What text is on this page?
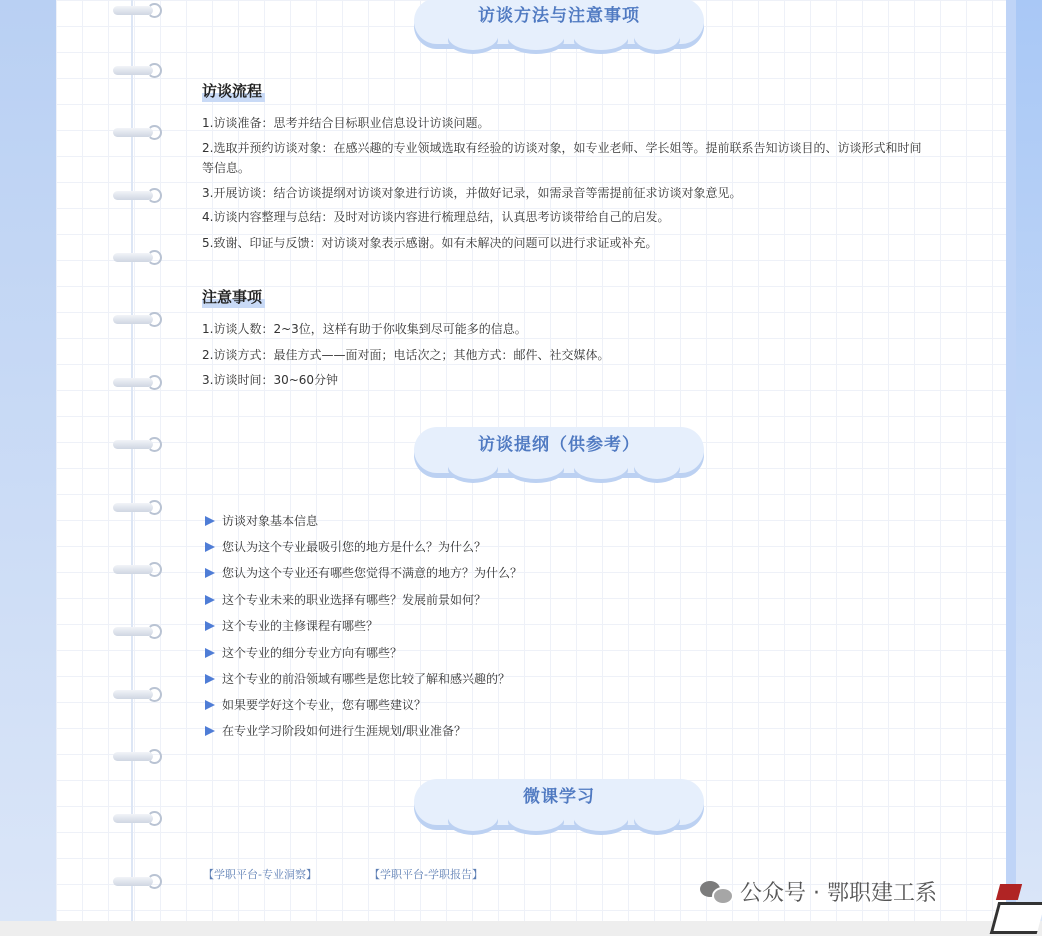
访谈方法与注意事项
访谈流程
1.访谈准备：思考并结合目标职业信息设计访谈问题。
2.选取并预约访谈对象：在感兴趣的专业领域选取有经验的访谈对象，如专业老师、学长姐等。提前联系告知访谈目的、访谈形式和时间等信息。
3.开展访谈：结合访谈提纲对访谈对象进行访谈，并做好记录，如需录音等需提前征求访谈对象意见。
4.访谈内容整理与总结：及时对访谈内容进行梳理总结，认真思考访谈带给自己的启发。
5.致谢、印证与反馈：对访谈对象表示感谢。如有未解决的问题可以进行求证或补充。
注意事项
1.访谈人数：2~3位，这样有助于你收集到尽可能多的信息。
2.访谈方式：最佳方式——面对面；电话次之；其他方式：邮件、社交媒体。
3.访谈时间：30~60分钟
访谈提纲（供参考）
访谈对象基本信息
您认为这个专业最吸引您的地方是什么？为什么？
您认为这个专业还有哪些您觉得不满意的地方？为什么？
这个专业未来的职业选择有哪些？发展前景如何？
这个专业的主修课程有哪些？
这个专业的细分专业方向有哪些？
这个专业的前沿领域有哪些是您比较了解和感兴趣的？
如果要学好这个专业，您有哪些建议？
在专业学习阶段如何进行生涯规划/职业准备？
微课学习
【学职平台-专业洞察】	【学职平台-学职报告】
公众号 · 鄂职建工系
